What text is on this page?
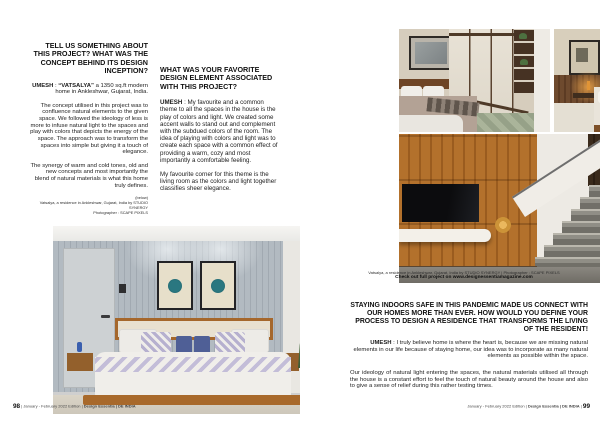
TELL US SOMETHING ABOUT THIS PROJECT? WHAT WAS THE CONCEPT BEHIND ITS DESIGN INCEPTION?

UMESH : “VATSALYA” a 1350 sq.ft modern home in Ankleshwar, Gujarat, India.

The concept utilised in this project was to confluence natural elements to the given space. We followed the ideology of less is more to infuse natural light to the spaces and play with colors that depicts the energy of the space. The approach was to transform the spaces into simple but giving it a touch of elegance.

The synergy of warm and cold tones, old and new concepts and most importantly the blend of natural materials is what this home truly defines.

(below)
Vatsalya, a residence in Ankleshwar, Gujarat, India by STUDIO SYNERGY
Photographer : SCAPE PIXELS
WHAT WAS YOUR FAVORITE DESIGN ELEMENT ASSOCIATED WITH THIS PROJECT?

UMESH : My favourite and a common theme to all the spaces in the house is the play of colors and light. We created some accent walls to stand out and complement with the subdued colors of the room. The idea of playing with colors and light was to create each space with a common effect of providing a warm, cozy and most importantly a comfortable feeling.

My favourite corner for this theme is the living room as the colors and light together classifies sheer elegance.

98 | January - February 2022 Edition | Design Essentia | DE INDIA
Vatsalya, a residence in Ankleshwar, Gujarat, India by STUDIO SYNERGY | Photographer : SCAPE PIXELS
Check out full project on www.designessentiamagazine.com
STAYING INDOORS SAFE IN THIS PANDEMIC MADE US CONNECT WITH OUR HOMES MORE THAN EVER. HOW WOULD YOU DEFINE YOUR PROCESS TO DESIGN A RESIDENCE THAT TRANSFORMS THE LIVING OF THE RESIDENT!

UMESH : I truly believe home is where the heart is, because we are missing natural elements in our life because of staying home, our idea was to incorporate as many natural elements as possible within the space.

Our ideology of natural light entering the spaces, the natural materials utilised all through the house is a constant effort to feel the touch of natural beauty around the house and also to give a sense of relief during this rather testing times.

January - February 2022 Edition | Design Essentia | DE INDIA | 99
